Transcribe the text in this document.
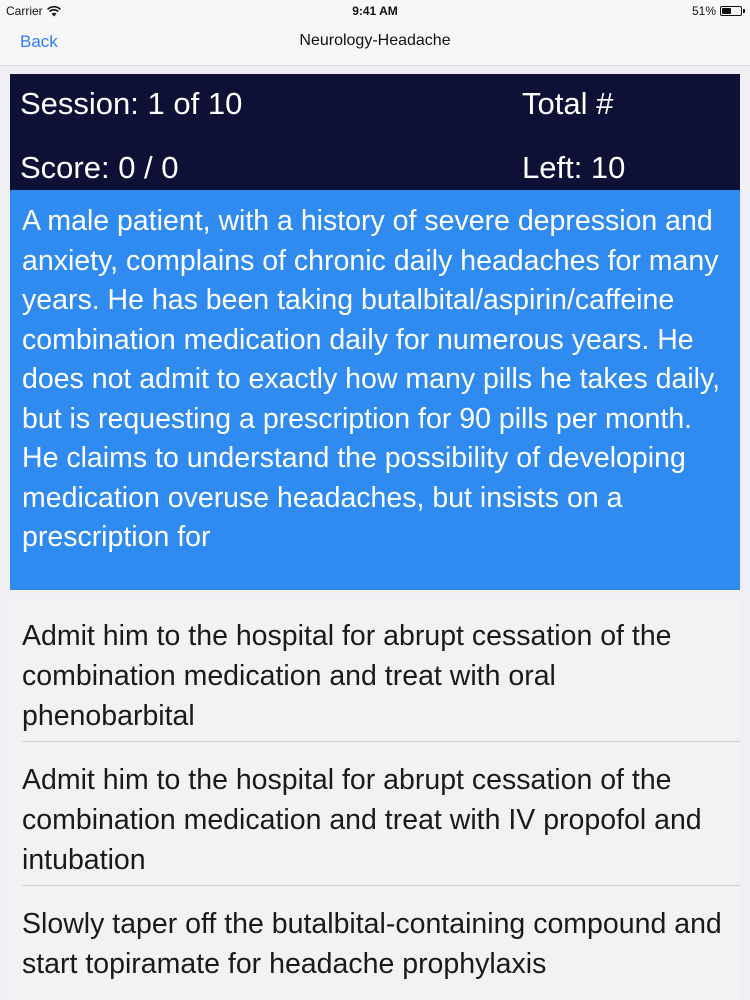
Carrier	9:41 AM	51%
Back	Neurology-Headache
Session: 1 of 10	Total #
Score: 0 / 0	Left: 10

A male patient, with a history of severe depression and anxiety, complains of chronic daily headaches for many years. He has been taking butalbital/aspirin/caffeine combination medication daily for numerous years. He does not admit to exactly how many pills he takes daily, but is requesting a prescription for 90 pills per month. He claims to understand the possibility of developing medication overuse headaches, but insists on a prescription for

Admit him to the hospital for abrupt cessation of the combination medication and treat with oral phenobarbital
Admit him to the hospital for abrupt cessation of the combination medication and treat with IV propofol and intubation
Slowly taper off the butalbital-containing compound and start topiramate for headache prophylaxis
